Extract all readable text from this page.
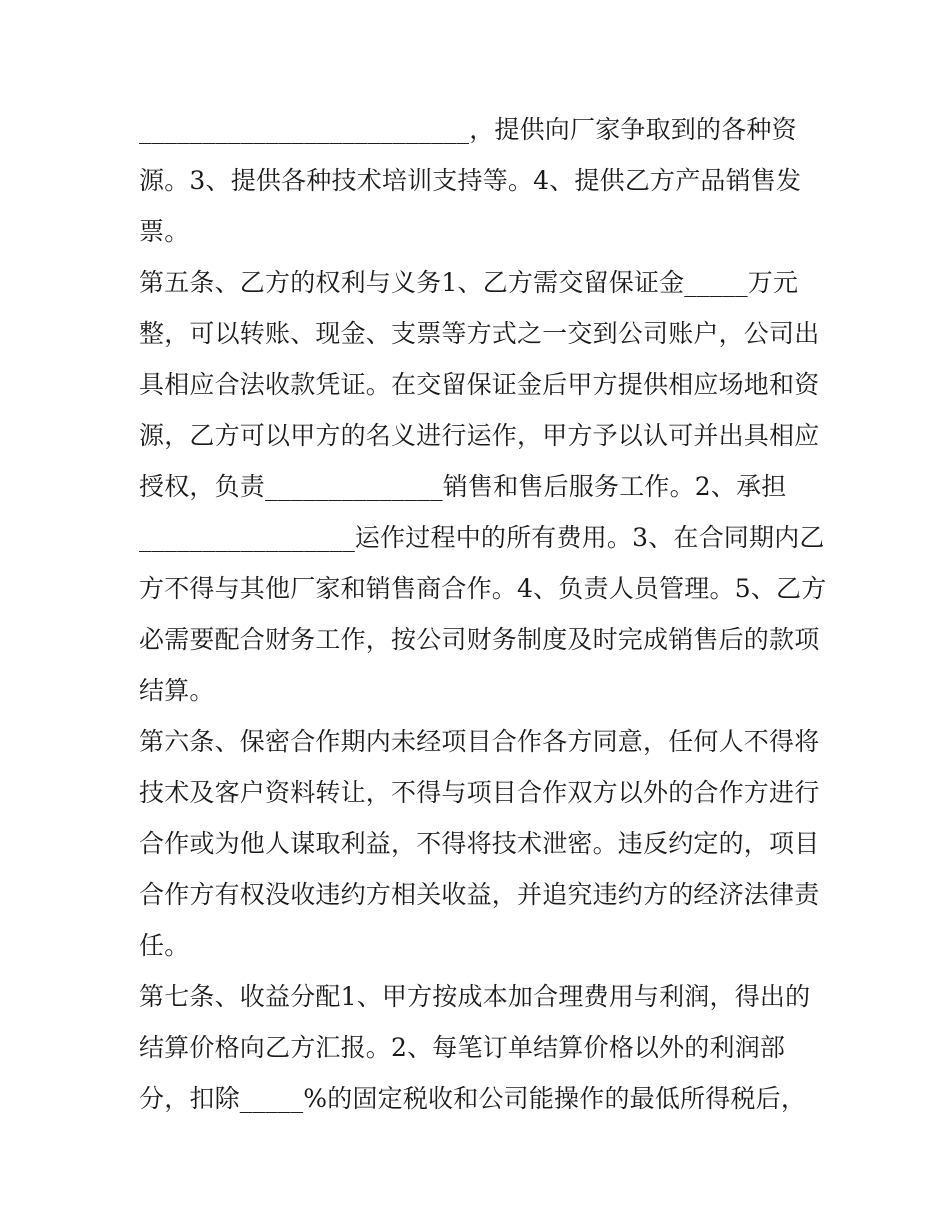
__________________________，提供向厂家争取到的各种资
源。3、提供各种技术培训支持等。4、提供乙方产品销售发
票。
第五条、乙方的权利与义务1、乙方需交留保证金_____万元
整，可以转账、现金、支票等方式之一交到公司账户，公司出
具相应合法收款凭证。在交留保证金后甲方提供相应场地和资
源，乙方可以甲方的名义进行运作，甲方予以认可并出具相应
授权，负责______________销售和售后服务工作。2、承担
_________________运作过程中的所有费用。3、在合同期内乙
方不得与其他厂家和销售商合作。4、负责人员管理。5、乙方
必需要配合财务工作，按公司财务制度及时完成销售后的款项
结算。
第六条、保密合作期内未经项目合作各方同意，任何人不得将
技术及客户资料转让，不得与项目合作双方以外的合作方进行
合作或为他人谋取利益，不得将技术泄密。违反约定的，项目
合作方有权没收违约方相关收益，并追究违约方的经济法律责
任。
第七条、收益分配1、甲方按成本加合理费用与利润，得出的
结算价格向乙方汇报。2、每笔订单结算价格以外的利润部
分，扣除_____%的固定税收和公司能操作的最低所得税后，
